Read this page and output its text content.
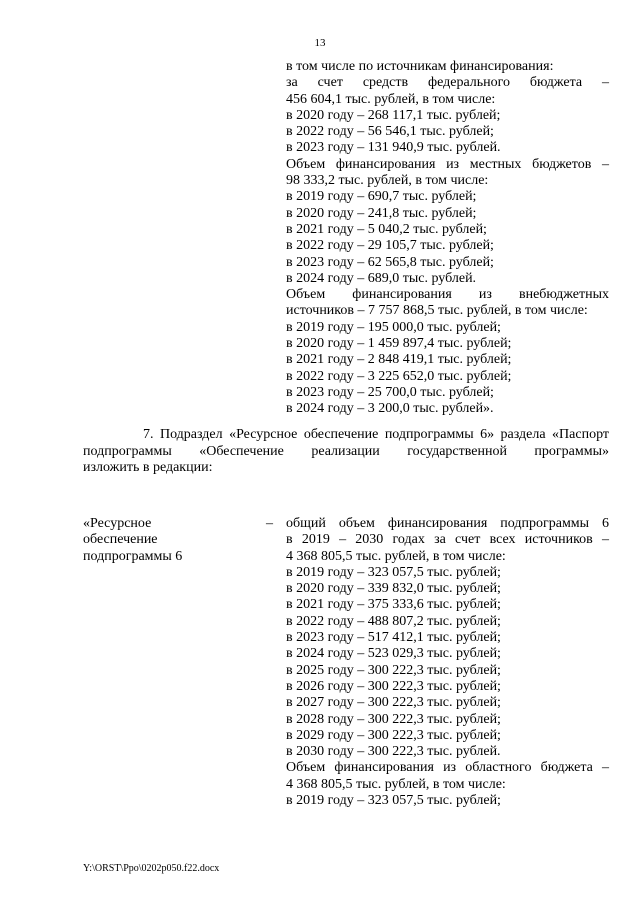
13
в том числе по источникам финансирования:
за счет средств федерального бюджета –
456 604,1 тыс. рублей, в том числе:
в 2020 году – 268 117,1 тыс. рублей;
в 2022 году – 56 546,1 тыс. рублей;
в 2023 году – 131 940,9 тыс. рублей.
Объем финансирования из местных бюджетов –
98 333,2 тыс. рублей, в том числе:
в 2019 году – 690,7 тыс. рублей;
в 2020 году – 241,8 тыс. рублей;
в 2021 году – 5 040,2 тыс. рублей;
в 2022 году – 29 105,7 тыс. рублей;
в 2023 году – 62 565,8 тыс. рублей;
в 2024 году – 689,0 тыс. рублей.
Объем финансирования из внебюджетных
источников – 7 757 868,5 тыс. рублей, в том числе:
в 2019 году – 195 000,0 тыс. рублей;
в 2020 году – 1 459 897,4 тыс. рублей;
в 2021 году – 2 848 419,1 тыс. рублей;
в 2022 году – 3 225 652,0 тыс. рублей;
в 2023 году – 25 700,0 тыс. рублей;
в 2024 году – 3 200,0 тыс. рублей».
7. Подраздел «Ресурсное обеспечение подпрограммы 6» раздела «Паспорт
подпрограммы «Обеспечение реализации государственной программы»
изложить в редакции:
«Ресурсное
обеспечение
подпрограммы 6
– общий объем финансирования подпрограммы 6
в 2019 – 2030 годах за счет всех источников –
4 368 805,5 тыс. рублей, в том числе:
в 2019 году – 323 057,5 тыс. рублей;
в 2020 году – 339 832,0 тыс. рублей;
в 2021 году – 375 333,6 тыс. рублей;
в 2022 году – 488 807,2 тыс. рублей;
в 2023 году – 517 412,1 тыс. рублей;
в 2024 году – 523 029,3 тыс. рублей;
в 2025 году – 300 222,3 тыс. рублей;
в 2026 году – 300 222,3 тыс. рублей;
в 2027 году – 300 222,3 тыс. рублей;
в 2028 году – 300 222,3 тыс. рублей;
в 2029 году – 300 222,3 тыс. рублей;
в 2030 году – 300 222,3 тыс. рублей.
Объем финансирования из областного бюджета –
4 368 805,5 тыс. рублей, в том числе:
в 2019 году – 323 057,5 тыс. рублей;
Y:\ORST\Ppo\0202p050.f22.docx
